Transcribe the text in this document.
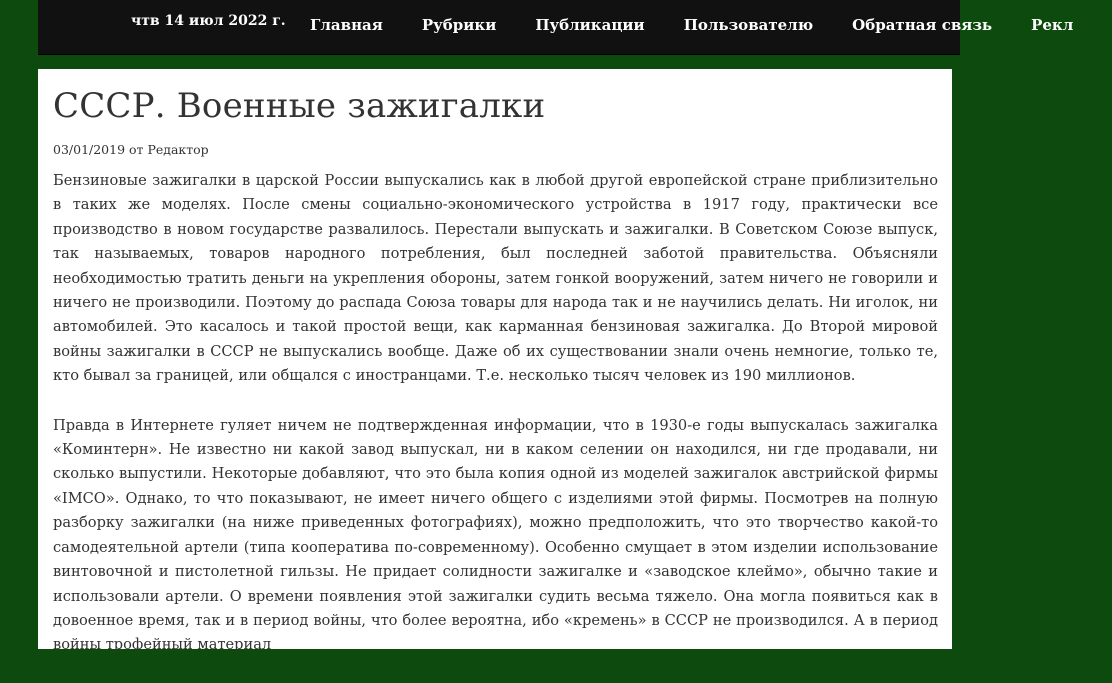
чтв 14 июл 2022 г. Главная	Рубрики	Публикации	Пользователю	Обратная связь	Рекл
СССР. Военные зажигалки
03/01/2019 от Редактор

Бензиновые зажигалки в царской России выпускались как в любой другой европейской стране приблизительно в таких же моделях. После смены социально-экономического устройства в 1917 году, практически все производство в новом государстве развалилось. Перестали выпускать и зажигалки. В Советском Союзе выпуск, так называемых, товаров народного потребления, был последней заботой правительства. Объясняли необходимостью тратить деньги на укрепления обороны, затем гонкой вооружений, затем ничего не говорили и ничего не производили. Поэтому до распада Союза товары для народа так и не научились делать. Ни иголок, ни автомобилей. Это касалось и такой простой вещи, как карманная бензиновая зажигалка. До Второй мировой войны зажигалки в СССР не выпускались вообще. Даже об их существовании знали очень немногие, только те, кто бывал за границей, или общался с иностранцами. Т.е. несколько тысяч человек из 190 миллионов.

Правда в Интернете гуляет ничем не подтвержденная информации, что в 1930-е годы выпускалась зажигалка «Коминтерн». Не известно ни какой завод выпускал, ни в каком селении он находился, ни где продавали, ни сколько выпустили. Некоторые добавляют, что это была копия одной из моделей зажигалок австрийской фирмы «IMCO». Однако, то что показывают, не имеет ничего общего с изделиями этой фирмы. Посмотрев на полную разборку зажигалки (на ниже приведенных фотографиях), можно предположить, что это творчество какой-то самодеятельной артели (типа кооператива по-современному). Особенно смущает в этом изделии использование винтовочной и пистолетной гильзы. Не придает солидности зажигалке и «заводское клеймо», обычно такие и использовали артели. О времени появления этой зажигалки судить весьма тяжело. Она могла появиться как в довоенное время, так и в период войны, что более вероятна, ибо «кремень» в СССР не производился. А в период войны трофейный материал
